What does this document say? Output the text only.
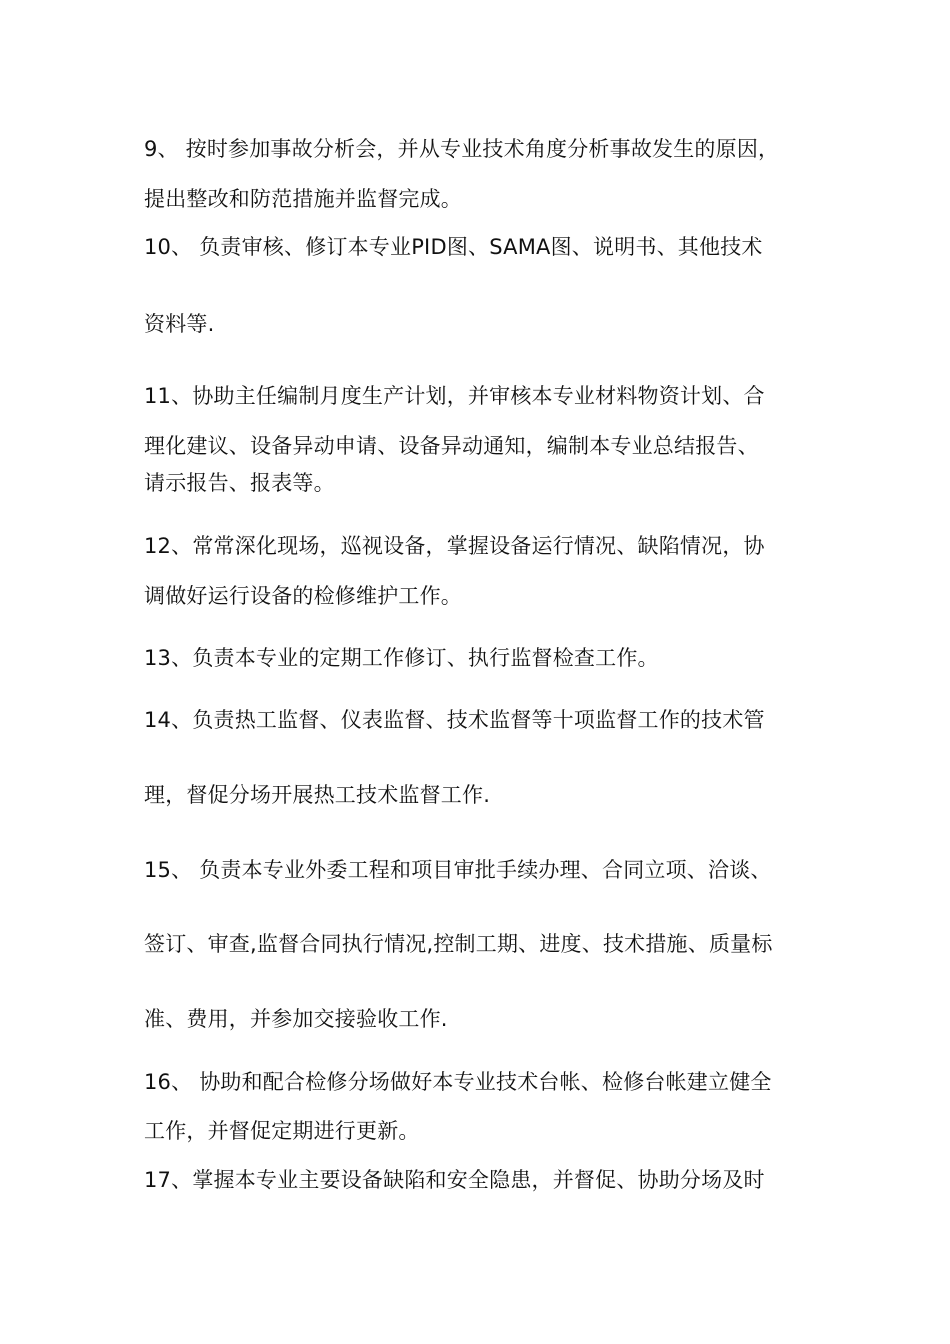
9、 按时参加事故分析会，并从专业技术角度分析事故发生的原因，
提出整改和防范措施并监督完成。
10、 负责审核、修订本专业PID图、SAMA图、说明书、其他技术
资料等.
11、协助主任编制月度生产计划，并审核本专业材料物资计划、合
理化建议、设备异动申请、设备异动通知，编制本专业总结报告、
请示报告、报表等。
12、常常深化现场，巡视设备，掌握设备运行情况、缺陷情况，协
调做好运行设备的检修维护工作。
13、负责本专业的定期工作修订、执行监督检查工作。
14、负责热工监督、仪表监督、技术监督等十项监督工作的技术管
理，督促分场开展热工技术监督工作.
15、 负责本专业外委工程和项目审批手续办理、合同立项、洽谈、
签订、审查,监督合同执行情况,控制工期、进度、技术措施、质量标
准、费用，并参加交接验收工作.
16、 协助和配合检修分场做好本专业技术台帐、检修台帐建立健全
工作，并督促定期进行更新。
17、掌握本专业主要设备缺陷和安全隐患，并督促、协助分场及时
